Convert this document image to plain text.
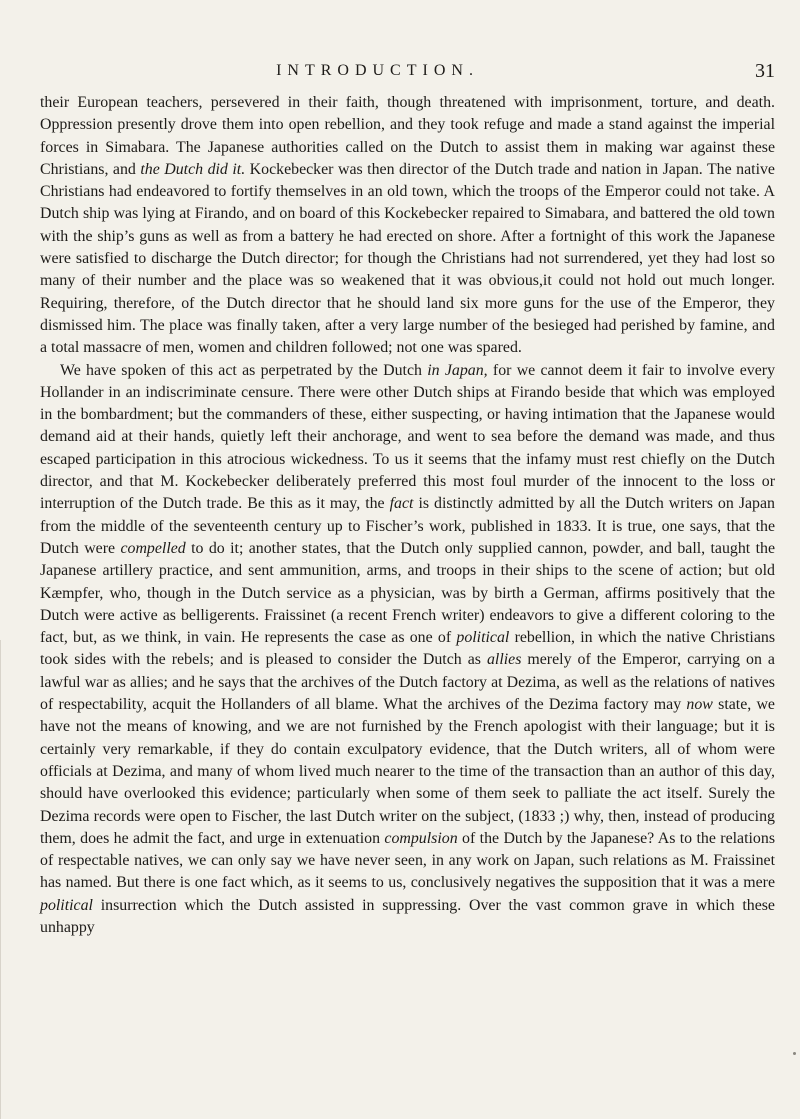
INTRODUCTION.	31

their European teachers, persevered in their faith, though threatened with imprisonment, torture, and death. Oppression presently drove them into open rebellion, and they took refuge and made a stand against the imperial forces in Simabara. The Japanese authorities called on the Dutch to assist them in making war against these Christians, and the Dutch did it. Kockebecker was then director of the Dutch trade and nation in Japan. The native Christians had endeavored to fortify themselves in an old town, which the troops of the Emperor could not take. A Dutch ship was lying at Firando, and on board of this Kockebecker repaired to Simabara, and battered the old town with the ship’s guns as well as from a battery he had erected on shore. After a fortnight of this work the Japanese were satisfied to discharge the Dutch director; for though the Christians had not surrendered, yet they had lost so many of their number and the place was so weakened that it was obvious,it could not hold out much longer. Requiring, therefore, of the Dutch director that he should land six more guns for the use of the Emperor, they dismissed him. The place was finally taken, after a very large number of the besieged had perished by famine, and a total massacre of men, women and children followed; not one was spared.

We have spoken of this act as perpetrated by the Dutch in Japan, for we cannot deem it fair to involve every Hollander in an indiscriminate censure. There were other Dutch ships at Firando beside that which was employed in the bombardment; but the commanders of these, either suspecting, or having intimation that the Japanese would demand aid at their hands, quietly left their anchorage, and went to sea before the demand was made, and thus escaped participation in this atrocious wickedness. To us it seems that the infamy must rest chiefly on the Dutch director, and that M. Kockebecker deliberately preferred this most foul murder of the innocent to the loss or interruption of the Dutch trade. Be this as it may, the fact is distinctly admitted by all the Dutch writers on Japan from the middle of the seventeenth century up to Fischer’s work, published in 1833. It is true, one says, that the Dutch were compelled to do it; another states, that the Dutch only supplied cannon, powder, and ball, taught the Japanese artillery practice, and sent ammunition, arms, and troops in their ships to the scene of action; but old Kæmpfer, who, though in the Dutch service as a physician, was by birth a German, affirms positively that the Dutch were active as belligerents. Fraissinet (a recent French writer) endeavors to give a different coloring to the fact, but, as we think, in vain. He represents the case as one of political rebellion, in which the native Christians took sides with the rebels; and is pleased to consider the Dutch as allies merely of the Emperor, carrying on a lawful war as allies; and he says that the archives of the Dutch factory at Dezima, as well as the relations of natives of respectability, acquit the Hollanders of all blame. What the archives of the Dezima factory may now state, we have not the means of knowing, and we are not furnished by the French apologist with their language; but it is certainly very remarkable, if they do contain exculpatory evidence, that the Dutch writers, all of whom were officials at Dezima, and many of whom lived much nearer to the time of the transaction than an author of this day, should have overlooked this evidence; particularly when some of them seek to palliate the act itself. Surely the Dezima records were open to Fischer, the last Dutch writer on the subject, (1833 ;) why, then, instead of producing them, does he admit the fact, and urge in extenuation compulsion of the Dutch by the Japanese? As to the relations of respectable natives, we can only say we have never seen, in any work on Japan, such relations as M. Fraissinet has named. But there is one fact which, as it seems to us, conclusively negatives the supposition that it was a mere political insurrection which the Dutch assisted in suppressing. Over the vast common grave in which these unhappy
